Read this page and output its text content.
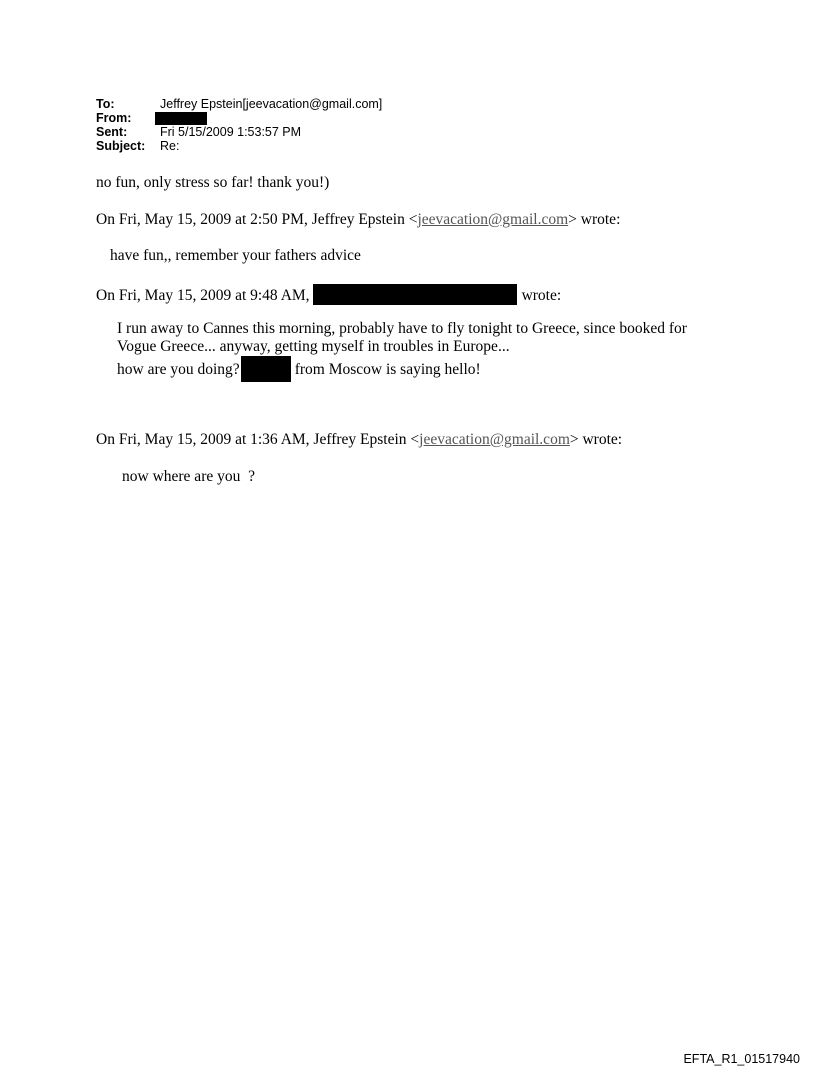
To:	Jeffrey Epstein[jeevacation@gmail.com]
From:
Sent:	Fri 5/15/2009 1:53:57 PM
Subject: Re:
no fun, only stress so far! thank you!)
On Fri, May 15, 2009 at 2:50 PM, Jeffrey Epstein <jeevacation@gmail.com> wrote:
have fun,, remember your fathers advice
On Fri, May 15, 2009 at 9:48 AM,	wrote:
I run away to Cannes this morning, probably have to fly tonight to Greece, since booked for
Vogue Greece... anyway, getting myself in troubles in Europe...
how are you doing?	from Moscow is saying hello!
On Fri, May 15, 2009 at 1:36 AM, Jeffrey Epstein <jeevacation@gmail.com> wrote:
now where are you  ?
EFTA_R1_01517940
